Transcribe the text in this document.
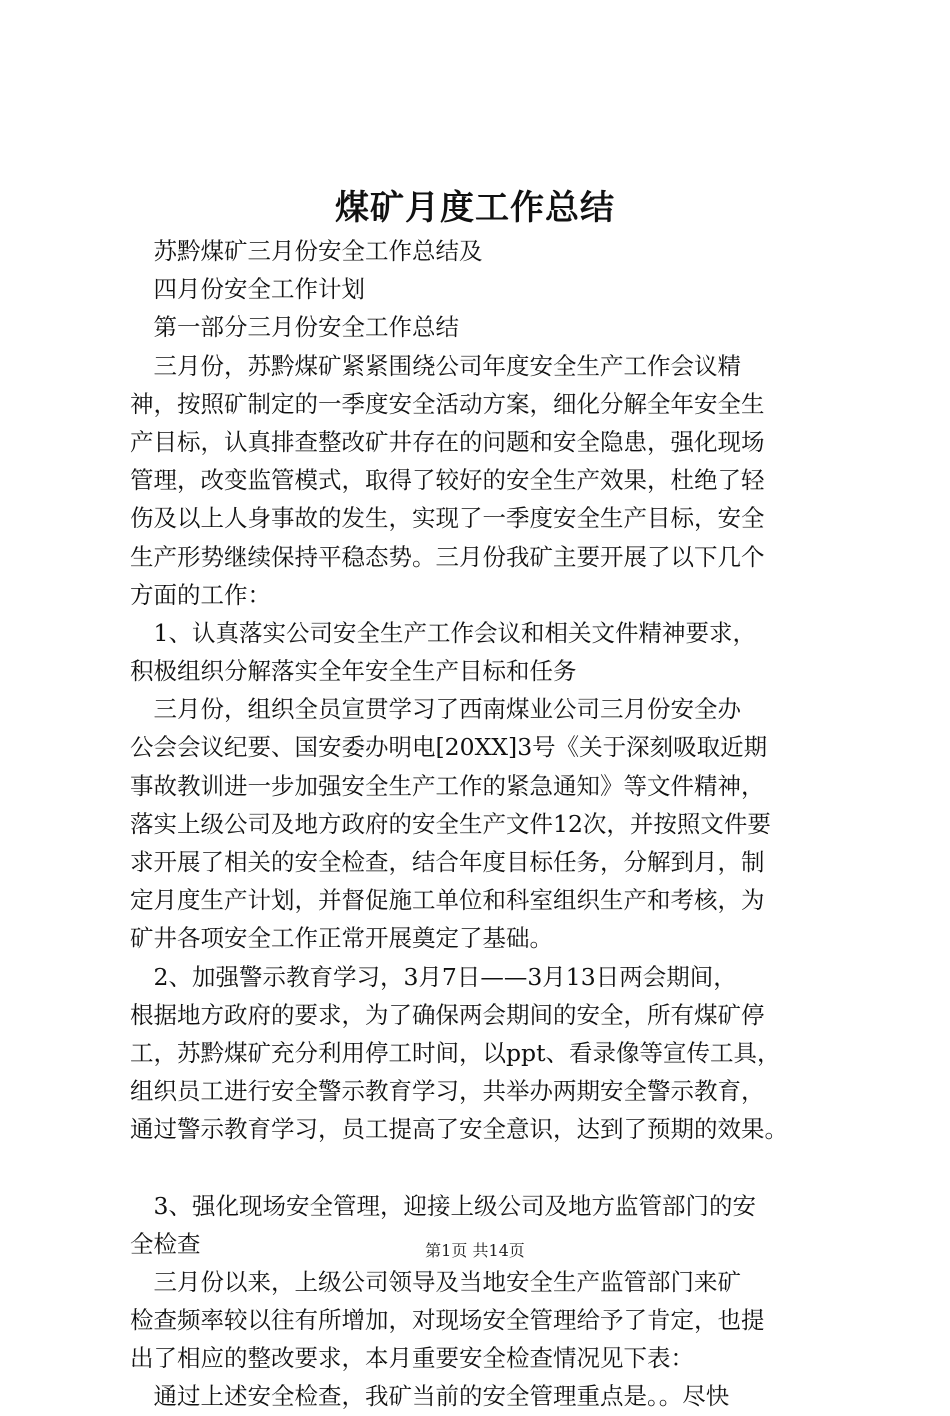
煤矿月度工作总结
　苏黔煤矿三月份安全工作总结及
　四月份安全工作计划
　第一部分三月份安全工作总结
　三月份，苏黔煤矿紧紧围绕公司年度安全生产工作会议精
神，按照矿制定的一季度安全活动方案，细化分解全年安全生
产目标，认真排查整改矿井存在的问题和安全隐患，强化现场
管理，改变监管模式，取得了较好的安全生产效果，杜绝了轻
伤及以上人身事故的发生，实现了一季度安全生产目标，安全
生产形势继续保持平稳态势。三月份我矿主要开展了以下几个
方面的工作：
　1、认真落实公司安全生产工作会议和相关文件精神要求，
积极组织分解落实全年安全生产目标和任务
　三月份，组织全员宣贯学习了西南煤业公司三月份安全办
公会会议纪要、国安委办明电[20XX]3号《关于深刻吸取近期
事故教训进一步加强安全生产工作的紧急通知》等文件精神，
落实上级公司及地方政府的安全生产文件12次，并按照文件要
求开展了相关的安全检查，结合年度目标任务，分解到月，制
定月度生产计划，并督促施工单位和科室组织生产和考核，为
矿井各项安全工作正常开展奠定了基础。
　2、加强警示教育学习，3月7日——3月13日两会期间，
根据地方政府的要求，为了确保两会期间的安全，所有煤矿停
工，苏黔煤矿充分利用停工时间，以ppt、看录像等宣传工具，
组织员工进行安全警示教育学习，共举办两期安全警示教育，
通过警示教育学习，员工提高了安全意识，达到了预期的效果。
　3、强化现场安全管理，迎接上级公司及地方监管部门的安
全检查
　三月份以来，上级公司领导及当地安全生产监管部门来矿
检查频率较以往有所增加，对现场安全管理给予了肯定，也提
出了相应的整改要求，本月重要安全检查情况见下表：
　通过上述安全检查，我矿当前的安全管理重点是。。尽快
第1页 共14页
